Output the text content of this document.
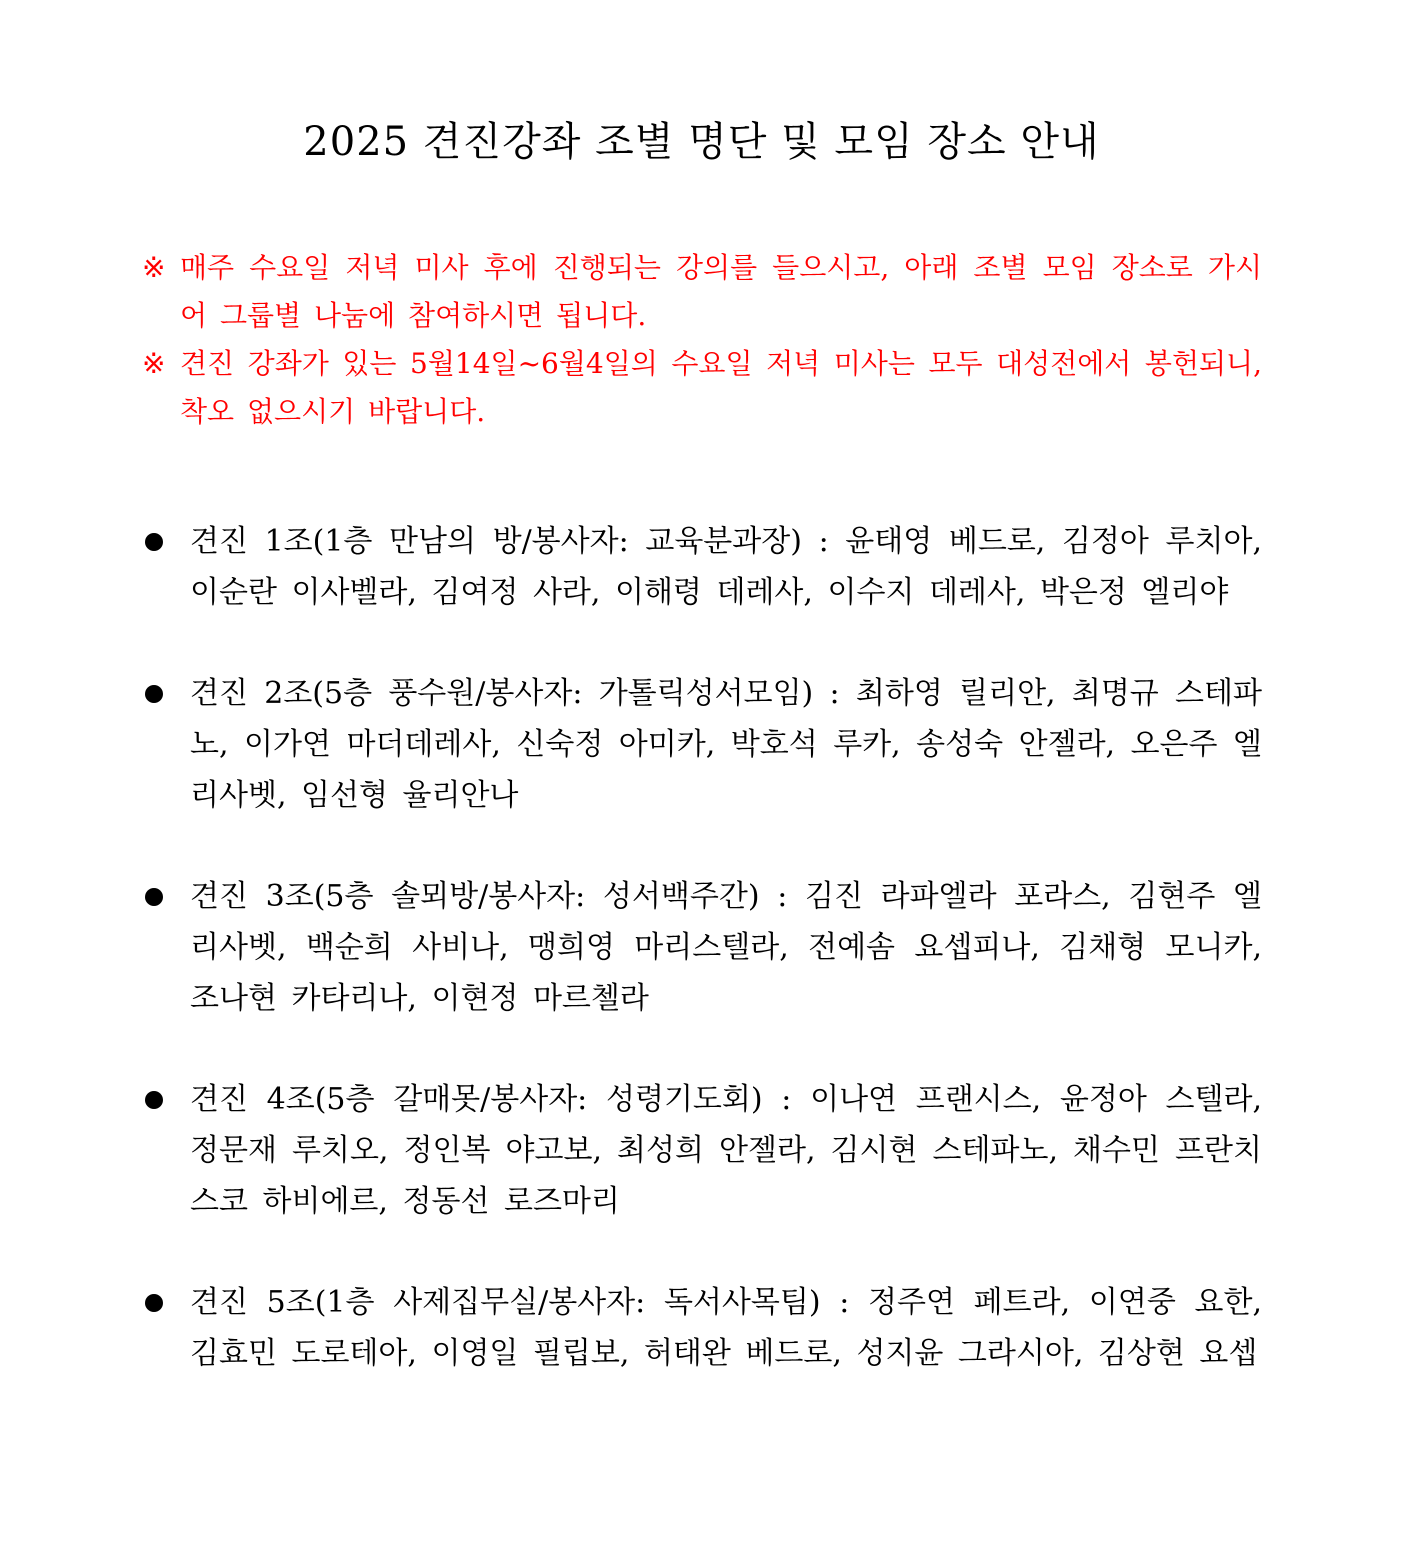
2025 견진강좌 조별 명단 및 모임 장소 안내

※ 매주 수요일 저녁 미사 후에 진행되는 강의를 들으시고, 아래 조별 모임 장소로 가시어 그룹별 나눔에 참여하시면 됩니다.

※ 견진 강좌가 있는 5월14일~6월4일의 수요일 저녁 미사는 모두 대성전에서 봉헌되니, 착오 없으시기 바랍니다.

견진 1조(1층 만남의 방/봉사자: 교육분과장) : 윤태영 베드로, 김정아 루치아, 이순란 이사벨라, 김여정 사라, 이해령 데레사, 이수지 데레사, 박은정 엘리야

견진 2조(5층 풍수원/봉사자: 가톨릭성서모임) : 최하영 릴리안, 최명규 스테파노, 이가연 마더데레사, 신숙정 아미카, 박호석 루카, 송성숙 안젤라, 오은주 엘리사벳, 임선형 율리안나

견진 3조(5층 솔뫼방/봉사자: 성서백주간) : 김진 라파엘라 포라스, 김현주 엘리사벳, 백순희 사비나, 맹희영 마리스텔라, 전예솜 요셉피나, 김채형 모니카, 조나현 카타리나, 이현정 마르첼라

견진 4조(5층 갈매못/봉사자: 성령기도회) : 이나연 프랜시스, 윤정아 스텔라, 정문재 루치오, 정인복 야고보, 최성희 안젤라, 김시현 스테파노, 채수민 프란치스코 하비에르, 정동선 로즈마리

견진 5조(1층 사제집무실/봉사자: 독서사목팀) : 정주연 페트라, 이연중 요한, 김효민 도로테아, 이영일 필립보, 허태완 베드로, 성지윤 그라시아, 김상현 요셉
